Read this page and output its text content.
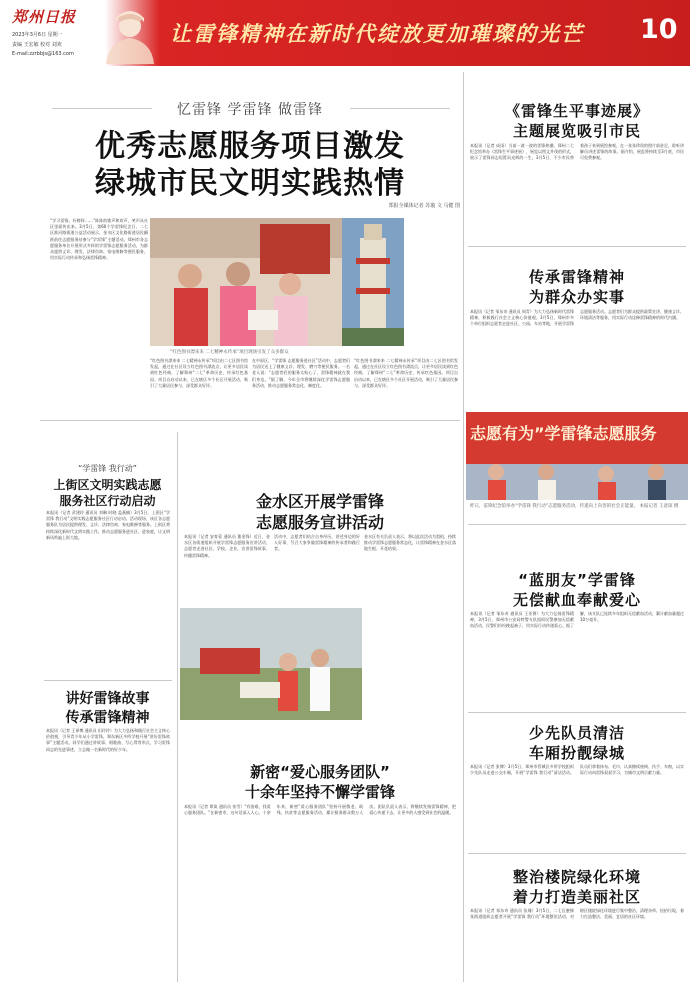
郑州日报
2023年3月6日 星期一
责编 王宏敏 校对 刘欢
E-mail:zzrbbjs@163.com
让雷锋精神在新时代绽放更加璀璨的光芒 10
忆雷锋 学雷锋 做雷锋
优秀志愿服务项目激发
绿城市民文明实践热情
郑报全媒体记者 苏璇 文 马健 图
“学习雷锋，好榜样……”阵阵的歌声和欢声、笑声从社区里面传出来。3月5日，第60个学雷锋纪念日，二七区淮河路街道公益活动展示，金水区文化路街道居民踊跃前往志愿服务站参与“学雷锋”主题活动。郑州市各志愿服务单位开展形式多样的学雷锋志愿服务活动，为群众提供义诊、理发、法律咨询、家电维修等便民服务，用实际行动传承和弘扬雷锋精神。
“红色图书漂来来 二七精神永传承”项目现场引发了众多群众
“红色图书漂来来 二七精神永传承”项目由二七区图书馆发起，通过在社区设立红色图书漂流点，让更多居民读到红色经典，了解郑州“二七”革命历史，传承红色基因。项目自启动以来，已在辖区多个社区开展活动，吸引了大量居民参与，深受群众好评。
在中原区，“学雷锋 志愿服务进社区”活动中，志愿者们为居民送上了健康义诊、理发、磨刀等便民服务。一名老人说：“志愿者们的服务太贴心了，雷锋精神就在我们身边。”据了解，今年全市将继续深化学雷锋志愿服务活动，推动志愿服务常态化、制度化。
“红色图书漂来来 二七精神永传承”项目由二七区图书馆发起，通过在社区设立红色图书漂流点，让更多居民读到红色经典，了解郑州“二七”革命历史，传承红色基因。项目自启动以来，已在辖区多个社区开展活动，吸引了大量居民参与，深受群众好评。
《雷锋生平事迹展》
主题展览吸引市民
本报讯（记者 成雨）当前一波一波的雷锋热潮，郑州二七纪念馆举办《雷锋生平事迹展》，展览以图文并茂的形式，展示了雷锋同志短暂而光辉的一生。3月5日，不少市民带着孩子来到展馆参观，在一张张珍贵的照片前驻足，聆听讲解员讲述雷锋的故事。据介绍，展览将持续至3月底，市民可免费参观。
传承雷锋精神
为群众办实事
本报讯（记者 邹东奇 通讯员 周青）为大力弘扬新时代雷锋精神，积极践行社会主义核心价值观，3月5日，郑州市多个单位组织志愿者走进社区、公园、车站等地，开展学雷锋志愿服务活动。志愿者们为群众提供政策宣讲、健康义诊、环境清洁等服务，用实际行动诠释雷锋精神的时代内涵。
志愿有为”学雷锋志愿服务
昨日，雷锋纪念馆举办“学雷锋 我行动”志愿服务活动，传递向上向善的社会正能量。 本报记者 王意琼 摄
“蓝朋友”学雷锋
无偿献血奉献爱心
本报讯（记者 邹东奇 通讯员 王亚赛）为大力弘扬雷锋精神，3月5日，郑州市公安局特警支队组织民警参加无偿献血活动，民警们纷纷挽起袖子，用实际行动传递爱心。据了解，该支队已连续多年组织无偿献血活动，累计献血量超过10万毫升。
少先队员清洁
车厢扮靓绿城
本报讯（记者 张博）3月5日，郑州市管城区多所学校组织少先队员走进公交车厢，开展“学雷锋 我行动”清洁活动。队员们拿着抹布、毛巾，认真擦拭座椅、扶手、车窗，以实际行动向雷锋叔叔学习，为城市文明贡献力量。
整治楼院绿化环境
着力打造美丽社区
本报讯（记者 邹东奇 通讯员 张瑾）3月5日，二七区蜜蜂张街道组织志愿者开展“学雷锋 我行动”环境整治活动，对辖区楼院绿化环境进行集中整治，清理杂草、捡拾垃圾，着力打造整洁、美丽、宜居的社区环境。
“学雷锋 我行动”
上街区文明实践志愿
服务社区行动启动
本报讯（记者 武建玲 通讯员 刘琳 时晓 盖燕楠）3月5日，上街区“学雷锋 我行动”文明实践志愿服务社区行动启动。活动现场，该区各志愿服务队为居民提供理发、义诊、法律咨询、家电维修等服务。上街区将持续深化新时代文明实践工作，推动志愿服务进社区、进家庭，让文明新风吹遍上街大地。
讲好雷锋故事
传承雷锋精神
本报讯（记者 王译博 通讯员 田玲玲）为大力弘扬和践行社会主义核心价值观，引导青少年从小学雷锋，郑东新区多所学校开展“讲好雷锋故事”主题活动。同学们通过讲故事、唱歌曲、写心得等形式，学习雷锋同志的先进事迹，立志做一名新时代的好少年。
金水区开展学雷锋
志愿服务宣讲活动
本报讯（记者 安育蓉 通讯员 董金锋）近日，金水区各街道组织开展学雷锋志愿服务宣讲活动，志愿者走进社区、学校、企业，宣讲雷锋故事，传播雷锋精神。
活动中，志愿者们结合自身经历，讲述身边的好人好事，号召大家争做雷锋精神的传承者和践行者。
金水区有关负责人表示，将以此次活动为契机，持续推动学雷锋志愿服务常态化，让雷锋精神在金水区落地生根、开花结果。
新密“爱心服务团队”
十余年坚持不懈学雷锋
本报讯（记者 覃岚 通讯员 张雪）“有困难，找爱心服务团队。”在新密市，这句话深入人心。十余年来，新密“爱心服务团队”坚持开展敬老、助残、扶贫等志愿服务活动，累计服务群众数万人次。团队负责人表示，将继续发扬雷锋精神，把爱心传递下去，让更多的人感受到社会的温暖。
